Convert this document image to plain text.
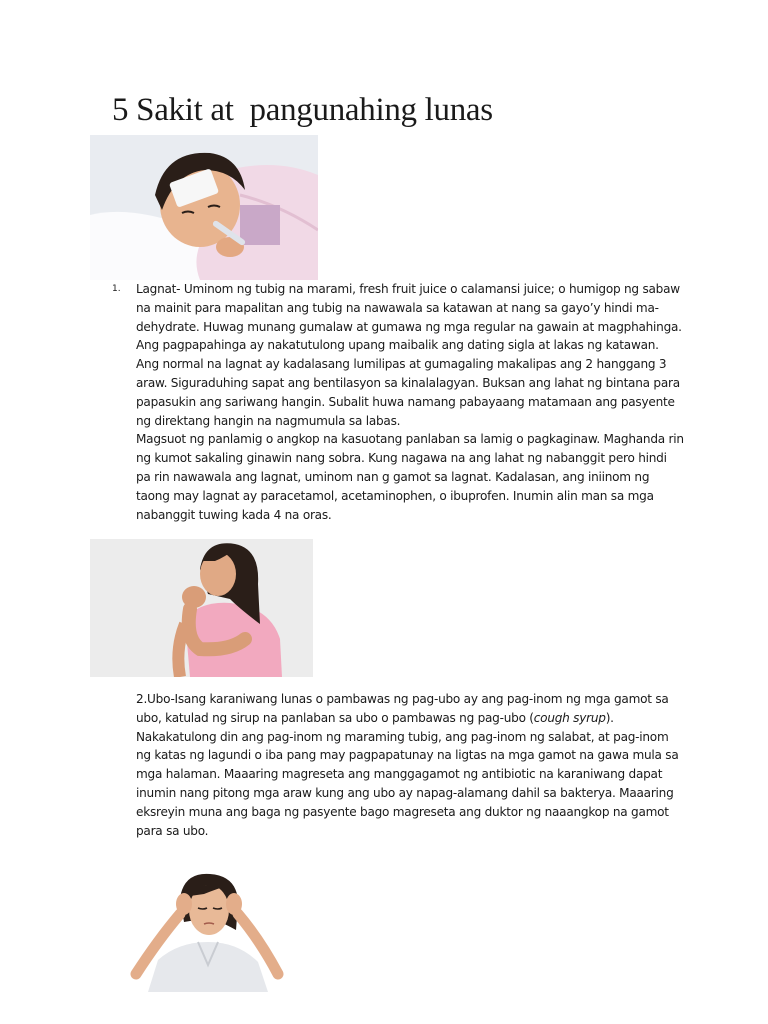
5 Sakit at  pangunahing lunas
1. Lagnat- Uminom ng tubig na marami, fresh fruit juice o calamansi juice; o humigop ng sabaw na mainit para mapalitan ang tubig na nawawala sa katawan at nang sa gayo’y hindi ma-dehydrate. Huwag munang gumalaw at gumawa ng mga regular na gawain at magphahinga. Ang pagpapahinga ay nakatutulong upang maibalik ang dating sigla at lakas ng katawan. Ang normal na lagnat ay kadalasang lumilipas at gumagaling makalipas ang 2 hanggang 3 araw. Siguraduhing sapat ang bentilasyon sa kinalalagyan. Buksan ang lahat ng bintana para papasukin ang sariwang hangin. Subalit huwa namang pabayaang matamaan ang pasyente ng direktang hangin na nagmumula sa labas.

Magsuot ng panlamig o angkop na kasuotang panlaban sa lamig o pagkaginaw. Maghanda rin ng kumot sakaling ginawin nang sobra. Kung nagawa na ang lahat ng nabanggit pero hindi pa rin nawawala ang lagnat, uminom nan g gamot sa lagnat. Kadalasan, ang iniinom ng taong may lagnat ay paracetamol, acetaminophen, o ibuprofen. Inumin alin man sa mga nabanggit tuwing kada 4 na oras.

2.Ubo-Isang karaniwang lunas o pambawas ng pag-ubo ay ang pag-inom ng mga gamot sa ubo, katulad ng sirup na panlaban sa ubo o pambawas ng pag-ubo (cough syrup). Nakakatulong din ang pag-inom ng maraming tubig, ang pag-inom ng salabat, at pag-inom ng katas ng lagundi o iba pang may pagpapatunay na ligtas na mga gamot na gawa mula sa mga halaman. Maaaring magreseta ang manggagamot ng antibiotic na karaniwang dapat inumin nang pitong mga araw kung ang ubo ay napag-alamang dahil sa bakterya. Maaaring eksreyin muna ang baga ng pasyente bago magreseta ang duktor ng naaangkop na gamot para sa ubo.
